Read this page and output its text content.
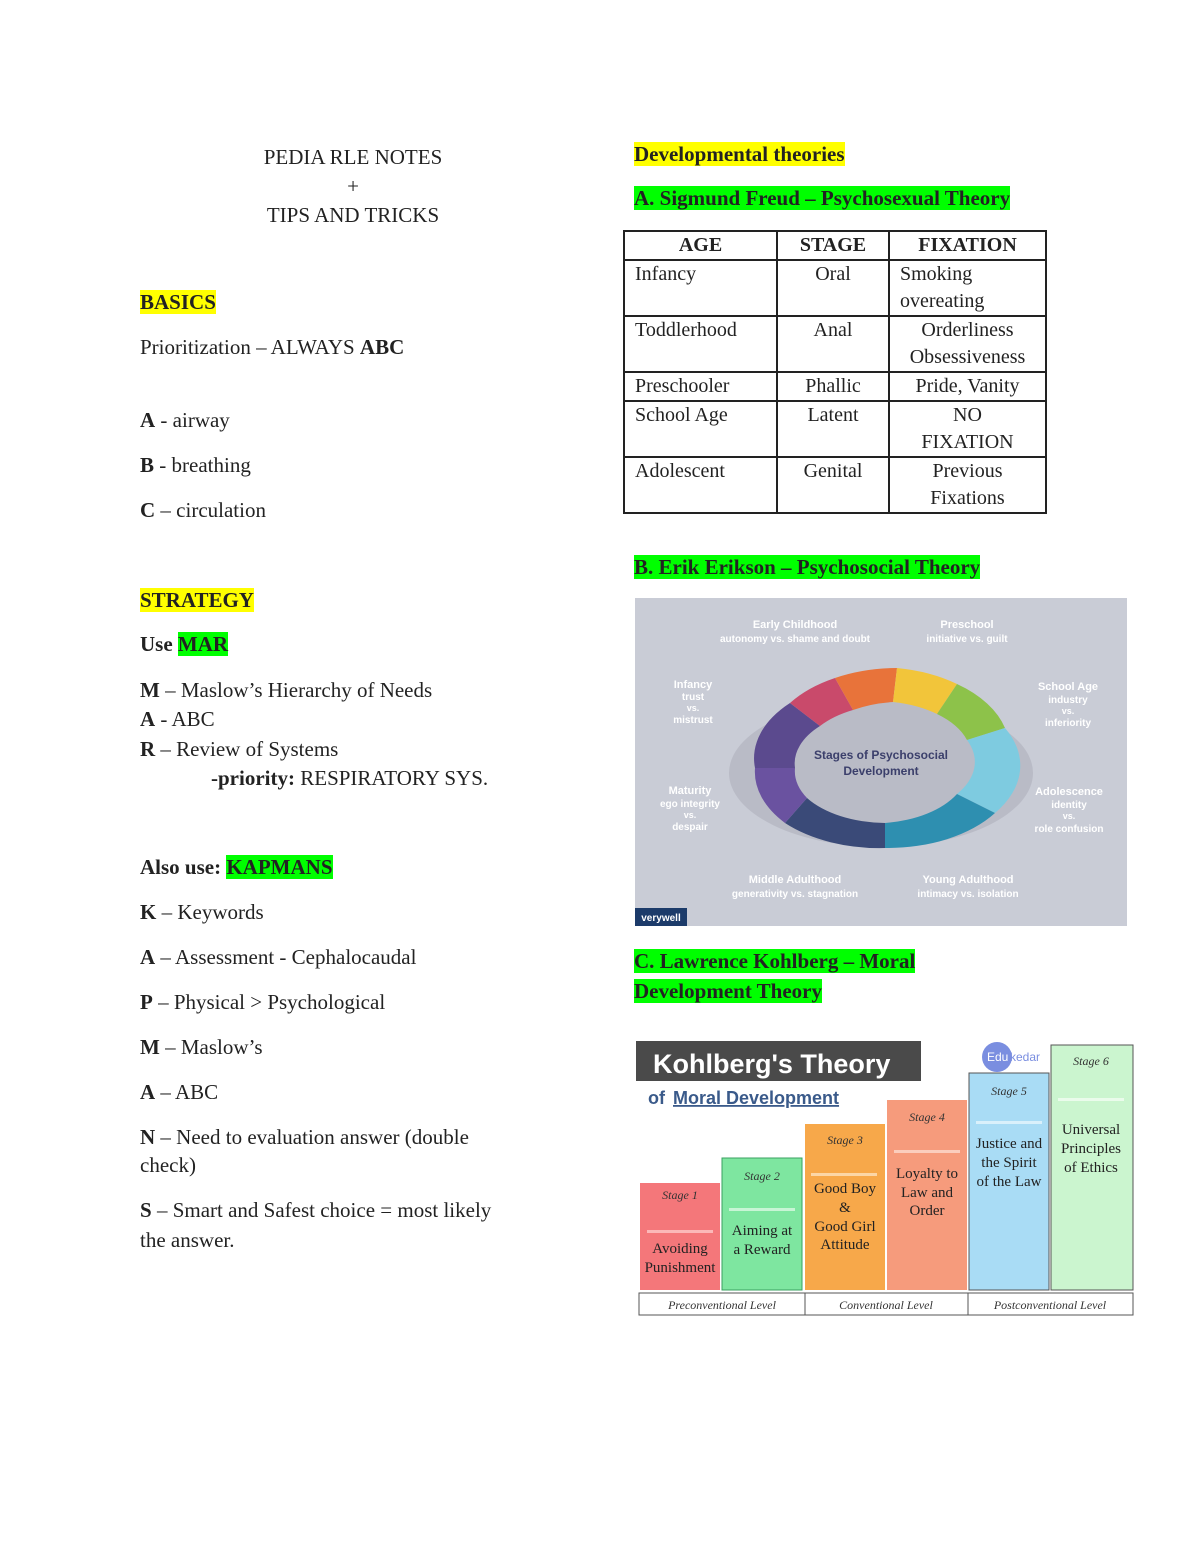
PEDIA RLE NOTES
+
TIPS AND TRICKS
BASICS
Prioritization – ALWAYS ABC
A - airway
B - breathing
C – circulation
STRATEGY
Use MAR
M – Maslow’s Hierarchy of Needs
A - ABC
R – Review of Systems
-priority: RESPIRATORY SYS.
Also use: KAPMANS
K – Keywords
A – Assessment - Cephalocaudal
P – Physical > Psychological
M – Maslow’s
A – ABC
N – Need to evaluation answer (double
check)
S – Smart and Safest choice = most likely
the answer.
Developmental theories
A. Sigmund Freud – Psychosexual Theory
AGE	STAGE	FIXATION
Infancy	Oral	Smoking
overeating

Toddlerhood	Anal	Orderliness
Obsessiveness

Preschooler	Phallic	Pride, Vanity

School Age	Latent	NO
FIXATION

Adolescent	Genital	Previous
Fixations
B. Erik Erikson – Psychosocial Theory
Stages of Psychosocial
Development
Early Childhood
autonomy vs. shame and doubt
Preschool
initiative vs. guilt
Infancy
trust
vs.
mistrust
School Age
industry
vs.
inferiority
Maturity
ego integrity
vs.
despair
Adolescence
identity
vs.
role confusion
Middle Adulthood
generativity vs. stagnation
Young Adulthood
intimacy vs. isolation
verywell
C. Lawrence Kohlberg – Moral
Development Theory
Kohlberg's Theory
of Moral Development
Edu kedar
Stage 1
Stage 2
Stage 3
Stage 4
Stage 5
Stage 6
Avoiding
Punishment
Aiming at
a Reward
Good Boy
&
Good Girl
Attitude
Loyalty to
Law and
Order
Justice and
the Spirit
of the Law
Universal
Principles
of Ethics
Preconventional Level	Conventional Level	Postconventional Level
